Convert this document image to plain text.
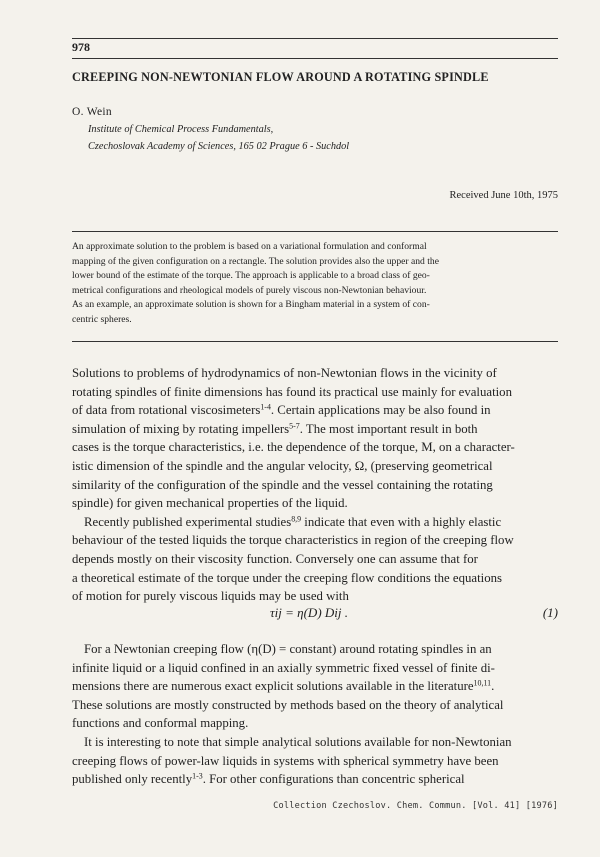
978
CREEPING NON-NEWTONIAN FLOW AROUND A ROTATING SPINDLE
O. Wein
Institute of Chemical Process Fundamentals,
Czechoslovak Academy of Sciences, 165 02 Prague 6 - Suchdol
Received June 10th, 1975
An approximate solution to the problem is based on a variational formulation and conformal
mapping of the given configuration on a rectangle. The solution provides also the upper and the
lower bound of the estimate of the torque. The approach is applicable to a broad class of geo-
metrical configurations and rheological models of purely viscous non-Newtonian behaviour.
As an example, an approximate solution is shown for a Bingham material in a system of con-
centric spheres.
Solutions to problems of hydrodynamics of non-Newtonian flows in the vicinity of
rotating spindles of finite dimensions has found its practical use mainly for evaluation
of data from rotational viscosimeters$^{1-4}$. Certain applications may be also found in
simulation of mixing by rotating impellers$^{5-7}$. The most important result in both
cases is the torque characteristics, i.e. the dependence of the torque, M, on a character-
istic dimension of the spindle and the angular velocity, Ω, (preserving geometrical
similarity of the configuration of the spindle and the vessel containing the rotating
spindle) for given mechanical properties of the liquid.
Recently published experimental studies$^{8,9}$ indicate that even with a highly elastic
behaviour of the tested liquids the torque characteristics in region of the creeping flow
depends mostly on their viscosity function. Conversely one can assume that for
a theoretical estimate of the torque under the creeping flow conditions the equations
of motion for purely viscous liquids may be used with
τij = η(D) Dij .	(1)
For a Newtonian creeping flow (η(D) = constant) around rotating spindles in an
infinite liquid or a liquid confined in an axially symmetric fixed vessel of finite di-
mensions there are numerous exact explicit solutions available in the literature$^{10,11}$.
These solutions are mostly constructed by methods based on the theory of analytical
functions and conformal mapping.
It is interesting to note that simple analytical solutions available for non-Newtonian
creeping flows of power-law liquids in systems with spherical symmetry have been
published only recently$^{1-3}$. For other configurations than concentric spherical
Collection Czechoslov. Chem. Commun. [Vol. 41] [1976]
